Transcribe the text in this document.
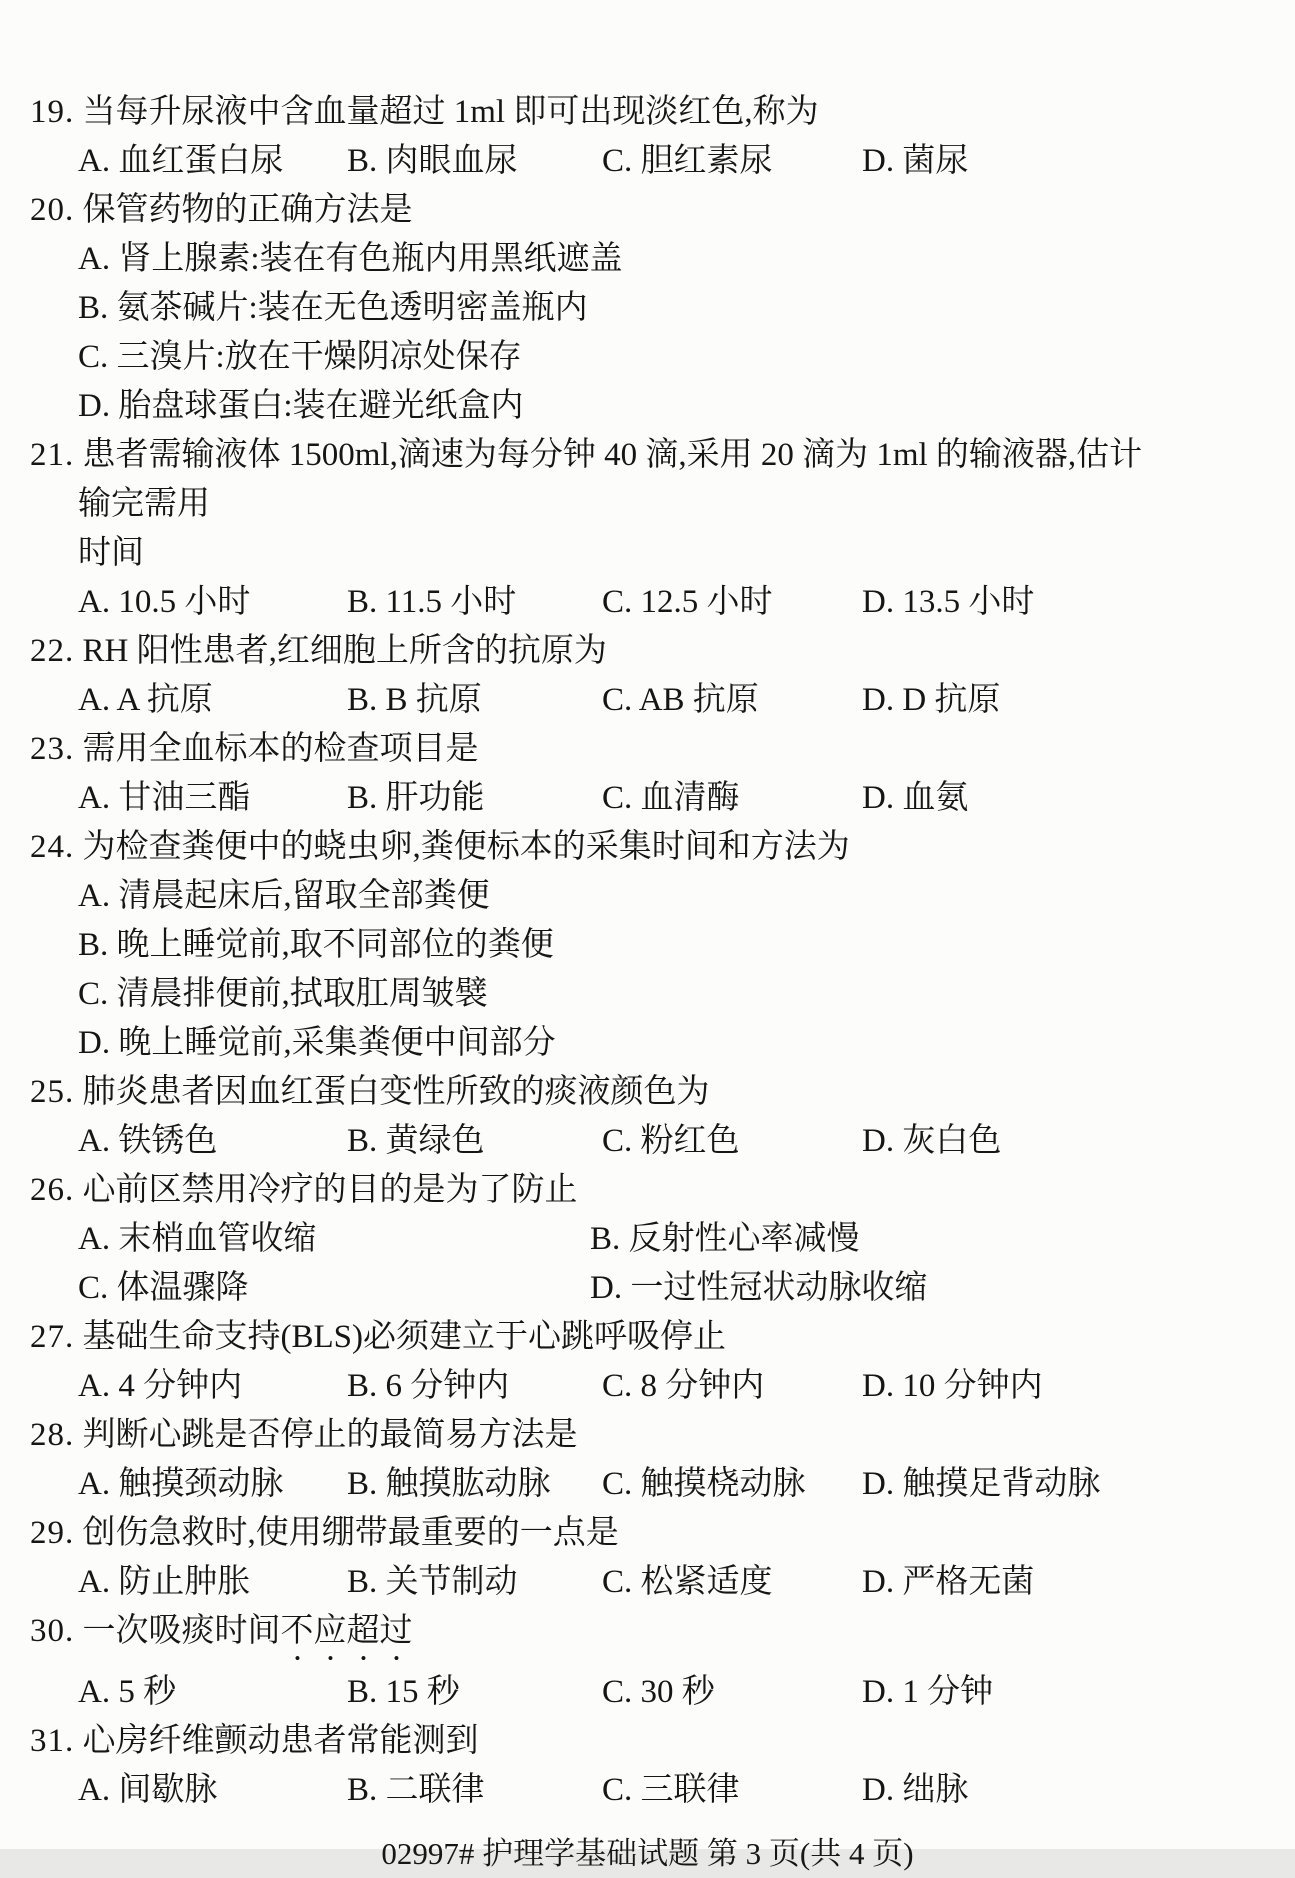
19. 当每升尿液中含血量超过 1ml 即可出现淡红色,称为
A. 血红蛋白尿 B. 肉眼血尿	C. 胆红素尿	D. 菌尿
20. 保管药物的正确方法是
A. 肾上腺素:装在有色瓶内用黑纸遮盖
B. 氨茶碱片:装在无色透明密盖瓶内
C. 三溴片:放在干燥阴凉处保存
D. 胎盘球蛋白:装在避光纸盒内
21. 患者需输液体 1500ml,滴速为每分钟 40 滴,采用 20 滴为 1ml 的输液器,估计输完需用
时间
A. 10.5 小时	B. 11.5 小时	C. 12.5 小时	D. 13.5 小时
22. RH 阳性患者,红细胞上所含的抗原为
A. A 抗原	B. B 抗原	C. AB 抗原	D. D 抗原
23. 需用全血标本的检查项目是
A. 甘油三酯	B. 肝功能	C. 血清酶	D. 血氨
24. 为检查粪便中的蛲虫卵,粪便标本的采集时间和方法为
A. 清晨起床后,留取全部粪便
B. 晚上睡觉前,取不同部位的粪便
C. 清晨排便前,拭取肛周皱襞
D. 晚上睡觉前,采集粪便中间部分
25. 肺炎患者因血红蛋白变性所致的痰液颜色为
A. 铁锈色	B. 黄绿色	C. 粉红色	D. 灰白色
26. 心前区禁用冷疗的目的是为了防止
A. 末梢血管收缩	B. 反射性心率减慢
C. 体温骤降	D. 一过性冠状动脉收缩
27. 基础生命支持(BLS)必须建立于心跳呼吸停止
A. 4 分钟内	B. 6 分钟内	C. 8 分钟内	D. 10 分钟内
28. 判断心跳是否停止的最简易方法是
A. 触摸颈动脉 B. 触摸肱动脉 C. 触摸桡动脉 D. 触摸足背动脉
29. 创伤急救时,使用绷带最重要的一点是
A. 防止肿胀	B. 关节制动	C. 松紧适度	D. 严格无菌
30. 一次吸痰时间不应超过
A. 5 秒	B. 15 秒	C. 30 秒	D. 1 分钟
31. 心房纤维颤动患者常能测到
A. 间歇脉	B. 二联律	C. 三联律	D. 绌脉
02997# 护理学基础试题 第 3 页(共 4 页)
